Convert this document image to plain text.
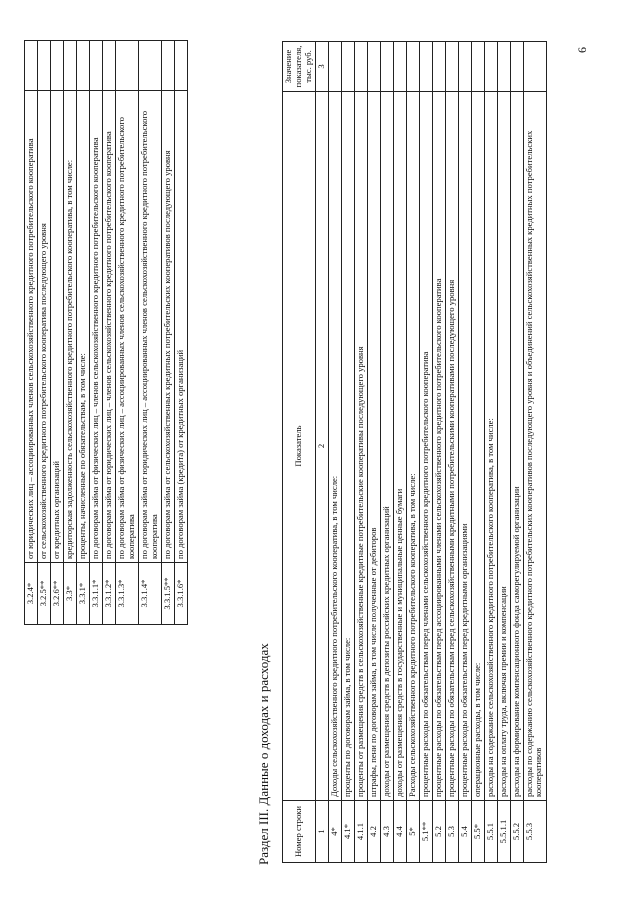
3.2.4*	от юридических лиц – ассоциированных членов сельскохозяйственного кредитного потребительского кооператива	
3.2.5**	от сельскохозяйственного кредитного потребительского кооператива последующего уровня	
3.2.6**	от кредитных организаций	
3.3*	кредиторская задолженность сельскохозяйственного кредитного потребительского кооператива, в том числе:	
3.3.1*	проценты, начисленные по обязательствам, в том числе:	
3.3.1.1*	по договорам займа от физических лиц – членов сельскохозяйственного кредитного потребительского кооператива	
3.3.1.2*	по договорам займа от юридических лиц – членов сельскохозяйственного кредитного потребительского кооператива	
3.3.1.3*	по договорам займа от физических лиц – ассоциированных членов сельскохозяйственного кредитного потребительского кооператива	
3.3.1.4*	по договорам займа от юридических лиц – ассоциированных членов сельскохозяйственного кредитного потребительского кооператива	
3.3.1.5**	по договорам займа от сельскохозяйственных кредитных потребительских кооперативов последующего уровня	
3.3.1.6*	по договорам займа (кредита) от кредитных организаций	
Раздел III. Данные о доходах и расходах	Номер строки	Показатель	Значение показателя, тыс. руб.
1	2	3
4*	Доходы сельскохозяйственного кредитного потребительского кооператива, в том числе:	
4.1*	проценты по договорам займа, в том числе:	
4.1.1	проценты от размещения средств в сельскохозяйственные кредитные потребительские кооперативы последующего уровня	
4.2	штрафы, пени по договорам займа, в том числе полученные от дебиторов	
4.3	доходы от размещения средств в депозиты российских кредитных организаций	
4.4	доходы от размещения средств в государственные и муниципальные ценные бумаги	
5*	Расходы сельскохозяйственного кредитного потребительского кооператива, в том числе:	
5.1**	процентные расходы по обязательствам перед членами сельскохозяйственного кредитного потребительского кооператива	
5.2	процентные расходы по обязательствам перед ассоциированными членами сельскохозяйственного кредитного потребительского кооператива	
5.3	процентные расходы по обязательствам перед сельскохозяйственными кредитными потребительскими кооперативами последующего уровня	
5.4	процентные расходы по обязательствам перед кредитными организациями	
5.5*	операционные расходы, в том числе:	
5.5.1	расходы на содержание сельскохозяйственного кредитного потребительского кооператива, в том числе:	
5.5.1.1	расходы на оплату труда, включая премии и компенсации	
5.5.2	расходы на формирование компенсационного фонда саморегулируемой организации	
5.5.3	расходы по содержанию сельскохозяйственного кредитного потребительских кооперативов последующего уровня и объединений сельскохозяйственных кредитных потребительских кооперативов	
6
